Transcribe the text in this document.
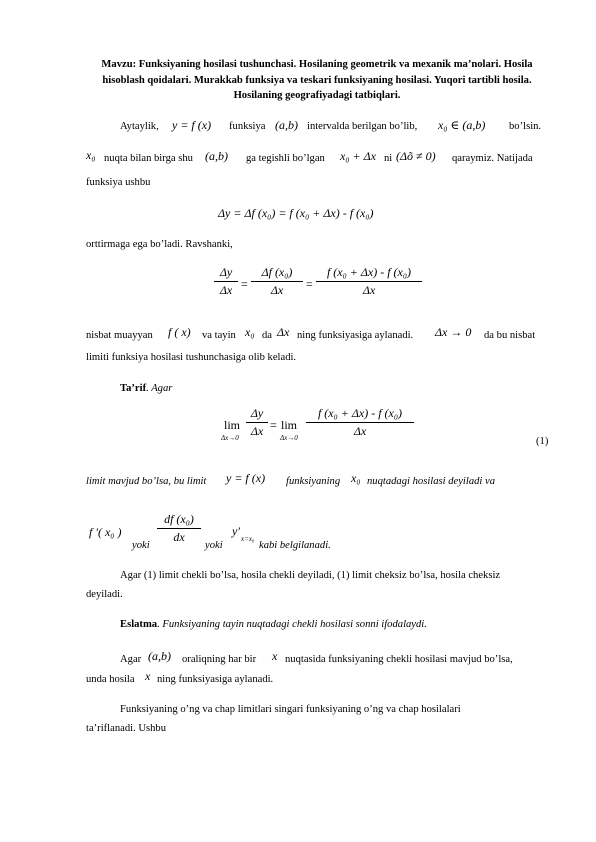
Mavzu: Funksiyaning hosilasi tushunchasi. Hosilaning geometrik va mexanik maʼnolari. Hosila hisoblash qoidalari. Murakkab funksiya va teskari funksiyaning hosilasi. Yuqori tartibli hosila. Hosilaning geografiyadagi tatbiqlari.
Aytaylik, y = f (x) funksiya (a,b) intervalda berilgan bo’lib, x₀ ∈ (a,b) bo’lsin.
x₀ nuqta bilan birga shu (a,b) ga tegishli bo’lgan x₀ + Δx ni (Δõ ≠ 0) qaraymiz. Natijada
funksiya ushbu
Δy = Δf (x₀) = f (x₀ + Δx) - f (x₀)
orttirmaga ega bo’ladi. Ravshanki,
Δy
Δx =
Δf (x₀)
Δx	=
f (x₀ + Δx) - f (x₀)
Δx
nisbat muayyan f ( x) va tayin x₀ da Δx ning funksiyasiga aylanadi. Δx → 0 da bu nisbat
limiti funksiya hosilasi tushunchasiga olib keladi.
Ta’rif. Agar
lim
Δx→0
Δy
Δx = lim
Δx→0
f (x₀ + Δx) - f (x₀)
Δx
(1)
limit mavjud bo’lsa, bu limit y = f (x) funksiyaning x₀ nuqtadagi hosilasi deyiladi va
f ′( x₀ )
yoki
df (x₀)
dx
yoki
y′
x=x₀
kabi belgilanadi.
Agar (1) limit chekli bo’lsa, hosila chekli deyiladi, (1) limit cheksiz bo’lsa, hosila cheksiz
deyiladi.
Eslatma. Funksiyaning tayin nuqtadagi chekli hosilasi sonni ifodalaydi.
Agar (a,b) oraliqning har bir x nuqtasida funksiyaning chekli hosilasi mavjud bo’lsa,
unda hosila x ning funksiyasiga aylanadi.
Funksiyaning o’ng va chap limitlari singari funksiyaning o’ng va chap hosilalari
ta’riflanadi. Ushbu
